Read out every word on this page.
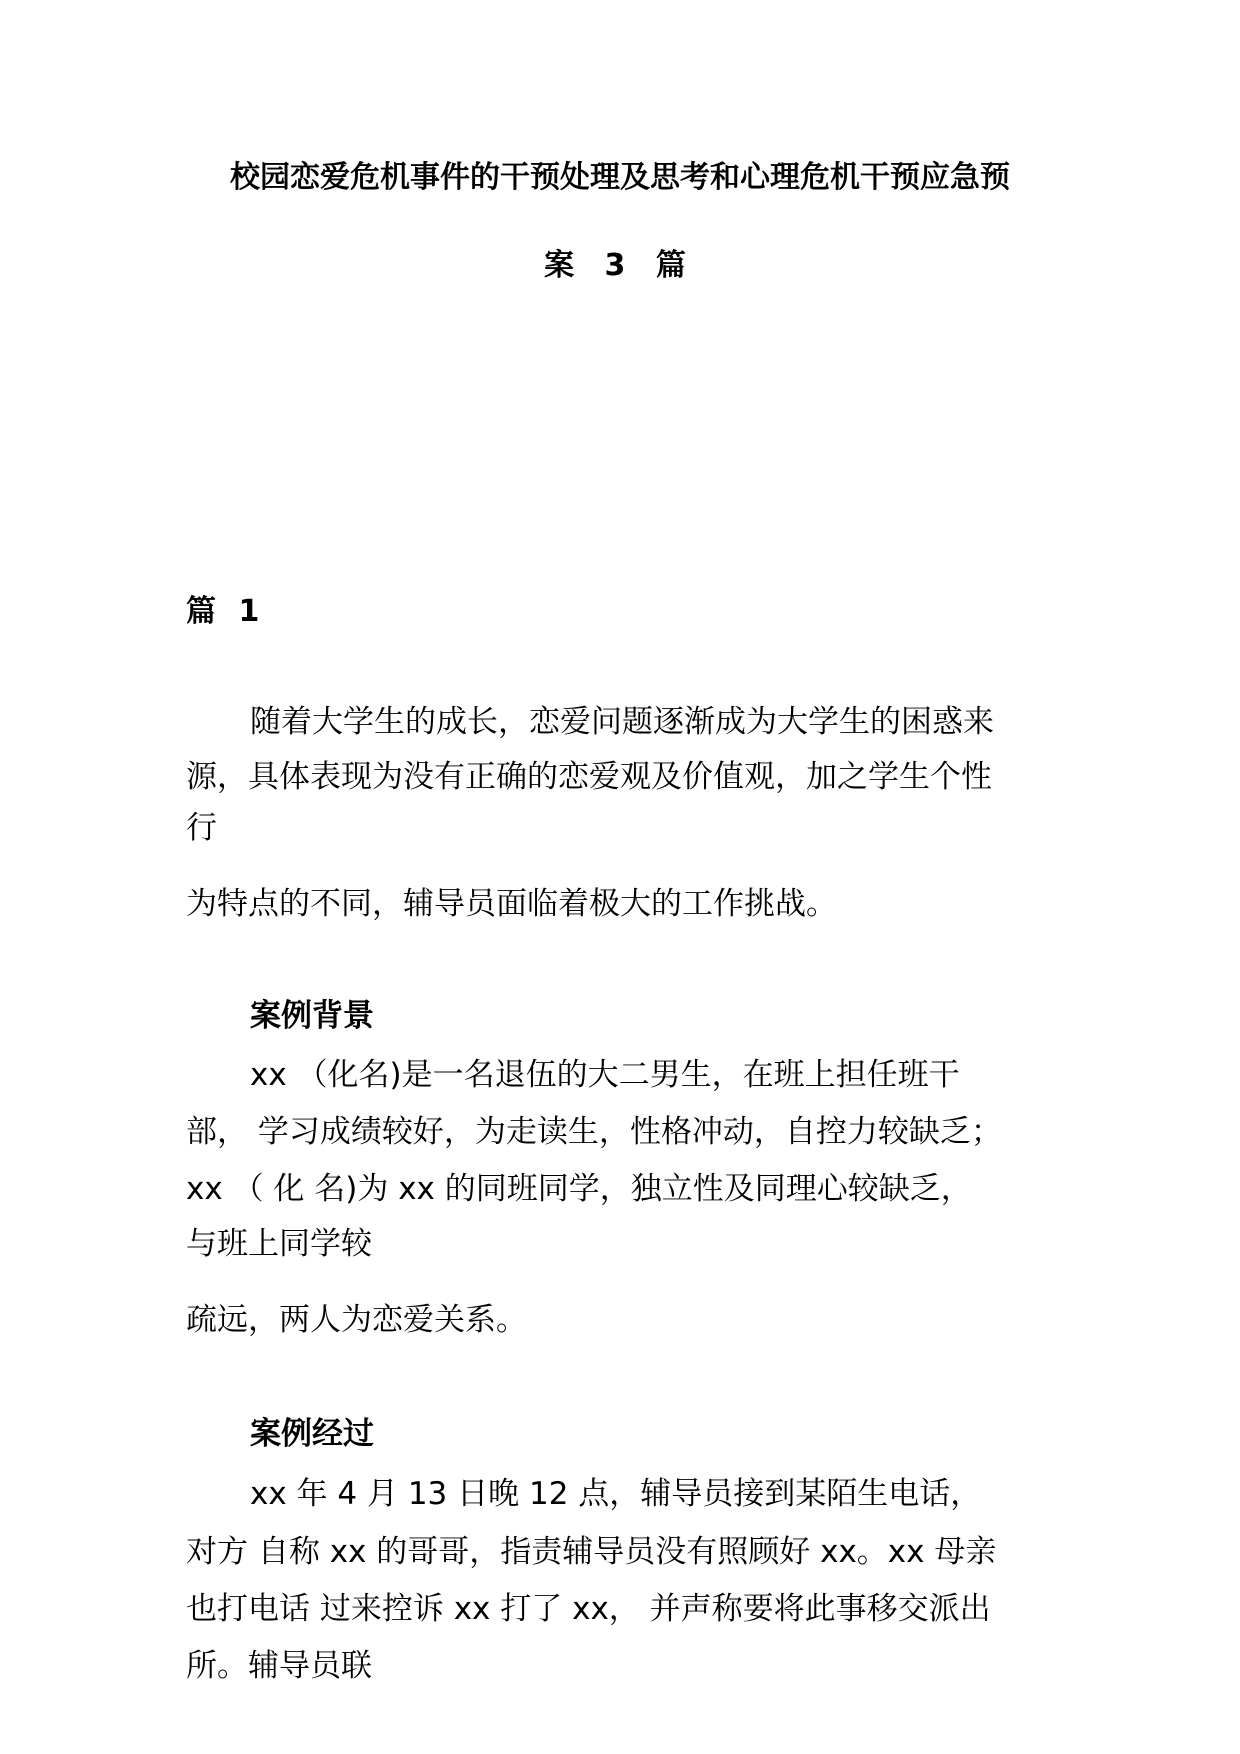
校园恋爱危机事件的干预处理及思考和心理危机干预应急预
案 3 篇
篇 1
随着大学生的成长，恋爱问题逐渐成为大学生的困惑来
源，具体表现为没有正确的恋爱观及价值观，加之学生个性
行
为特点的不同，辅导员面临着极大的工作挑战。
案例背景
xx （化名)是一名退伍的大二男生，在班上担任班干
部， 学习成绩较好，为走读生，性格冲动，自控力较缺乏；
xx （ 化 名)为 xx 的同班同学，独立性及同理心较缺乏，
与班上同学较
疏远，两人为恋爱关系。
案例经过
xx 年 4 月 13 日晚 12 点，辅导员接到某陌生电话，
对方 自称 xx 的哥哥，指责辅导员没有照顾好 xx。xx 母亲
也打电话 过来控诉 xx 打了 xx， 并声称要将此事移交派出
所。辅导员联
